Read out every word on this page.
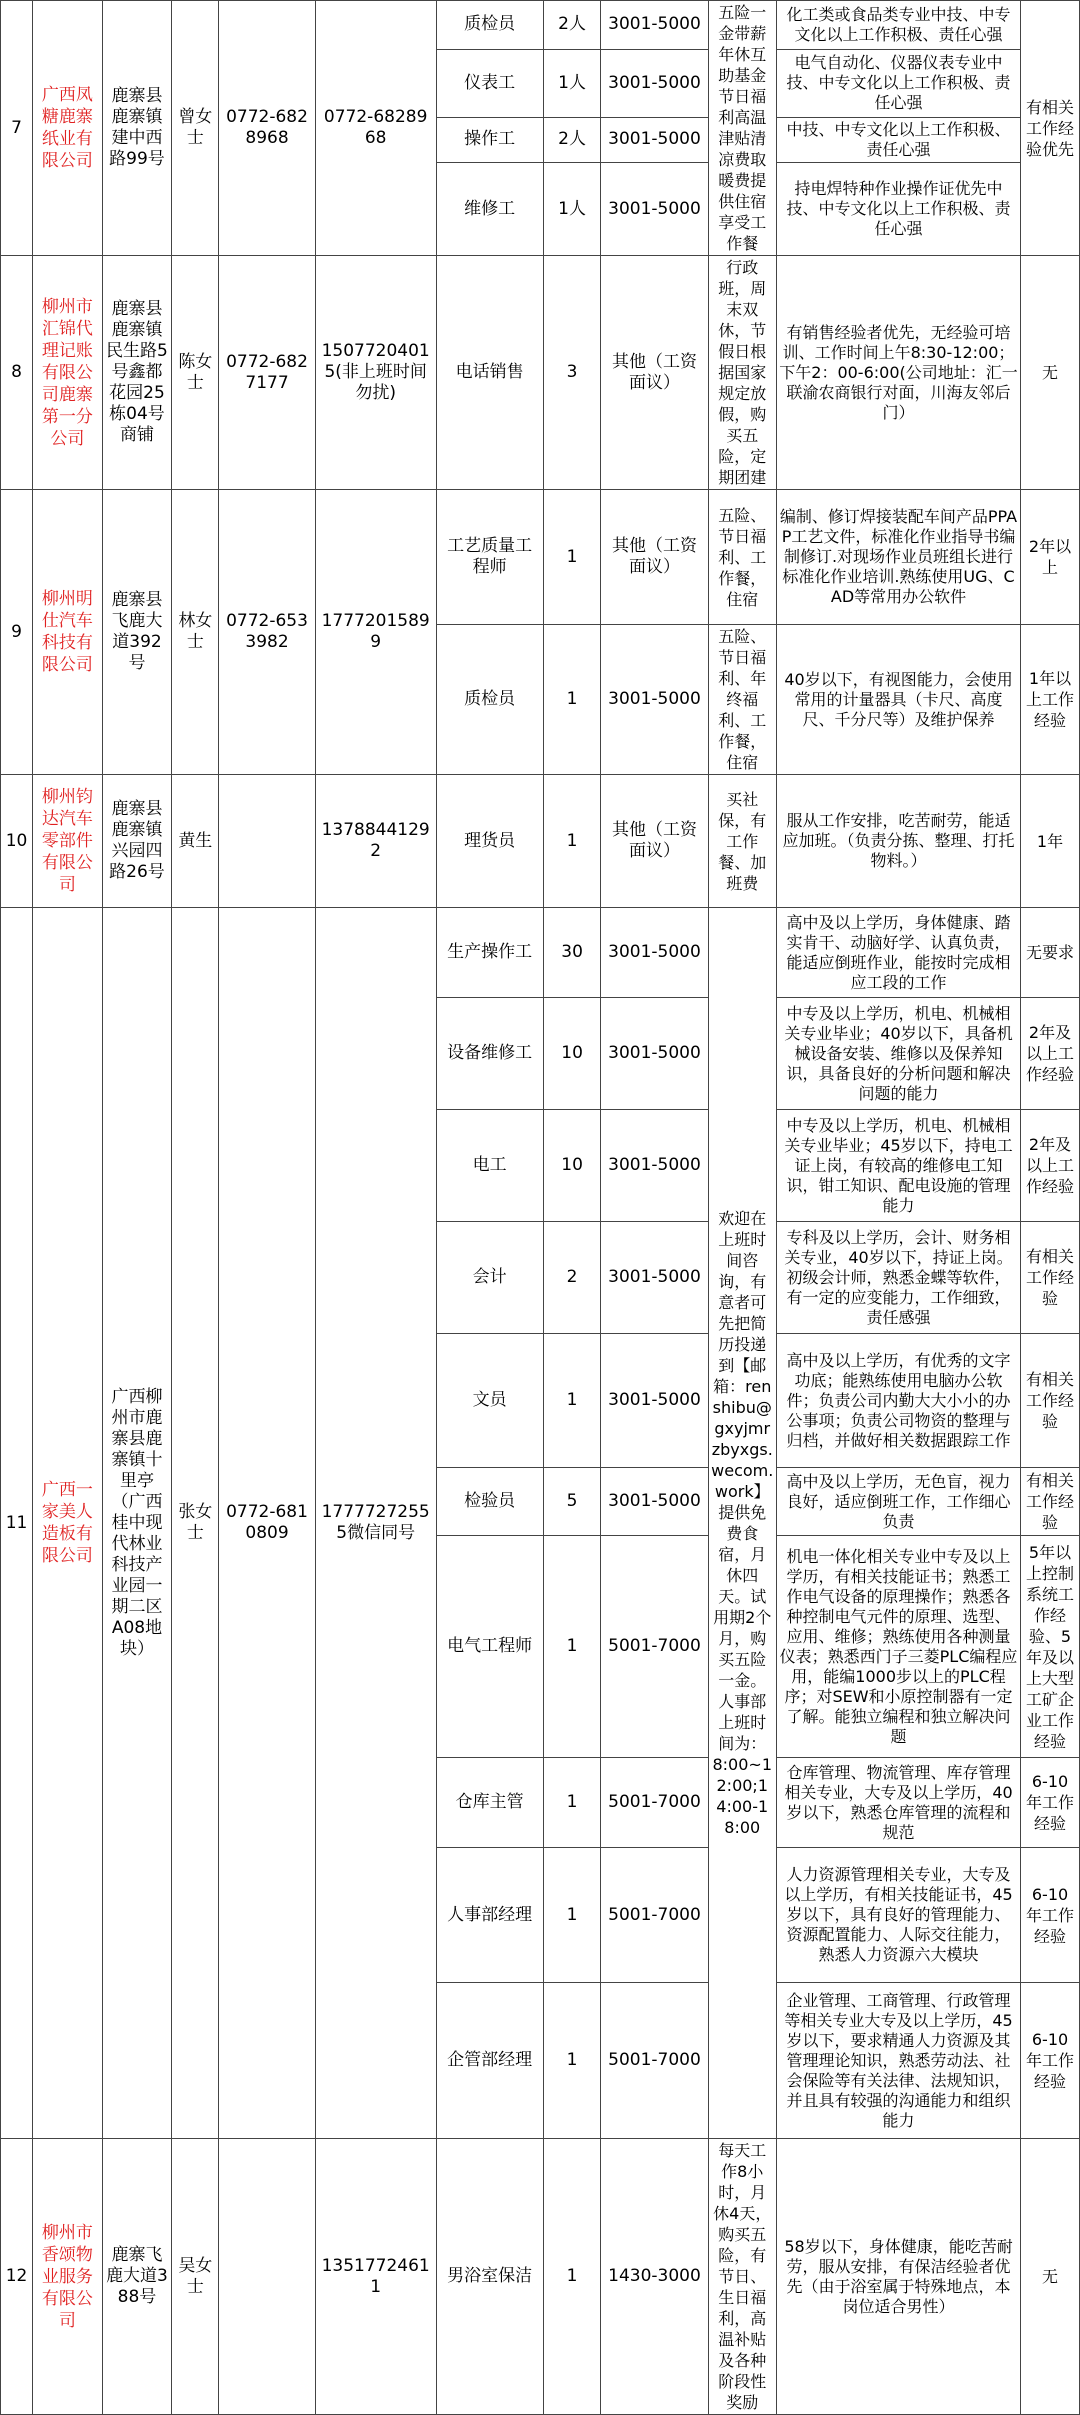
7	广西凤糖鹿寨纸业有限公司	鹿寨县鹿寨镇建中西路99号	曾女士	0772-6828968	0772-6828968	质检员	2人	3001-5000	五险一金带薪年休互助基金节日福利高温津贴清凉费取暖费提供住宿享受工作餐	化工类或食品类专业中技、中专文化以上工作积极、责任心强	有相关工作经验优先
						仪表工	1人	3001-5000		电气自动化、仪器仪表专业中技、中专文化以上工作积极、责任心强	
						操作工	2人	3001-5000		中技、中专文化以上工作积极、责任心强	
						维修工	1人	3001-5000		持电焊特种作业操作证优先中技、中专文化以上工作积极、责任心强	
8	柳州市汇锦代理记账有限公司鹿寨第一分公司	鹿寨县鹿寨镇民生路5号鑫都花园25栋04号商铺	陈女士	0772-6827177	15077204015(非上班时间勿扰)	电话销售	3	其他（工资面议）	行政班，周末双休，节假日根据国家规定放假，购买五险，定期团建	有销售经验者优先，无经验可培训、工作时间上午8:30-12:00；下午2：00-6:00(公司地址：汇一联渝农商银行对面，川海友邻后门）	无
9	柳州明仕汽车科技有限公司	鹿寨县飞鹿大道392号	林女士	0772-6533982	17772015899	工艺质量工程师	1	其他（工资面议）	五险、节日福利、工作餐，住宿	编制、修订焊接装配车间产品PPAP工艺文件，标准化作业指导书编制修订.对现场作业员班组长进行标准化作业培训.熟练使用UG、CAD等常用办公软件	2年以上
						质检员	1	3001-5000	五险、节日福利、年终福利、工作餐，住宿	40岁以下，有视图能力，会使用常用的计量器具（卡尺、高度尺、千分尺等）及维护保养	1年以上工作经验
10	柳州钧达汽车零部件有限公司	鹿寨县鹿寨镇兴园四路26号	黄生		13788441292	理货员	1	其他（工资面议）	买社保，有工作餐、加班费	服从工作安排，吃苦耐劳，能适应加班。（负责分拣、整理、打托物料。）	1年
11	广西一家美人造板有限公司	广西柳州市鹿寨县鹿寨镇十里亭（广西桂中现代林业科技产业园一期二区A08地块）	张女士	0772-6810809	17777272555微信同号	生产操作工	30	3001-5000	欢迎在上班时间咨询，有意者可先把简历投递到【邮箱：renshibu@gxyjmrzbyxgs.wecom.work】提供免费食宿，月休四天。试用期2个月，购买五险一金。人事部上班时间为：8:00~12:00;14:00-18:00	高中及以上学历，身体健康、踏实肯干、动脑好学、认真负责，能适应倒班作业，能按时完成相应工段的工作	无要求
						设备维修工	10	3001-5000		中专及以上学历，机电、机械相关专业毕业；40岁以下，具备机械设备安装、维修以及保养知识，具备良好的分析问题和解决问题的能力	2年及以上工作经验
						电工	10	3001-5000		中专及以上学历，机电、机械相关专业毕业；45岁以下，持电工证上岗，有较高的维修电工知识，钳工知识、配电设施的管理能力	2年及以上工作经验
						会计	2	3001-5000		专科及以上学历，会计、财务相关专业，40岁以下，持证上岗。初级会计师，熟悉金蝶等软件，有一定的应变能力，工作细致，责任感强	有相关工作经验
						文员	1	3001-5000		高中及以上学历，有优秀的文字功底；能熟练使用电脑办公软件；负责公司内勤大大小小的办公事项；负责公司物资的整理与归档，并做好相关数据跟踪工作	有相关工作经验
						检验员	5	3001-5000		高中及以上学历，无色盲，视力良好，适应倒班工作，工作细心负责	有相关工作经验
						电气工程师	1	5001-7000		机电一体化相关专业中专及以上学历，有相关技能证书；熟悉工作电气设备的原理操作；熟悉各种控制电气元件的原理、选型、应用、维修；熟练使用各种测量仪表；熟悉西门子三菱PLC编程应用，能编1000步以上的PLC程序；对SEW和小原控制器有一定了解。能独立编程和独立解决问题	5年以上控制系统工作经验、5年及以上大型工矿企业工作经验
						仓库主管	1	5001-7000		仓库管理、物流管理、库存管理相关专业，大专及以上学历，40岁以下，熟悉仓库管理的流程和规范	6-10年工作经验
						人事部经理	1	5001-7000		人力资源管理相关专业，大专及以上学历，有相关技能证书，45岁以下，具有良好的管理能力、资源配置能力、人际交往能力，熟悉人力资源六大模块	6-10年工作经验
						企管部经理	1	5001-7000		企业管理、工商管理、行政管理等相关专业大专及以上学历，45岁以下，要求精通人力资源及其管理理论知识，熟悉劳动法、社会保险等有关法律、法规知识，并且具有较强的沟通能力和组织能力	6-10年工作经验
12	柳州市香颂物业服务有限公司	鹿寨飞鹿大道388号	吴女士		13517724611	男浴室保洁	1	1430-3000	每天工作8小时，月休4天，购买五险，有节日、生日福利，高温补贴及各种阶段性奖励	58岁以下，身体健康，能吃苦耐劳，服从安排，有保洁经验者优先（由于浴室属于特殊地点，本岗位适合男性）	无
